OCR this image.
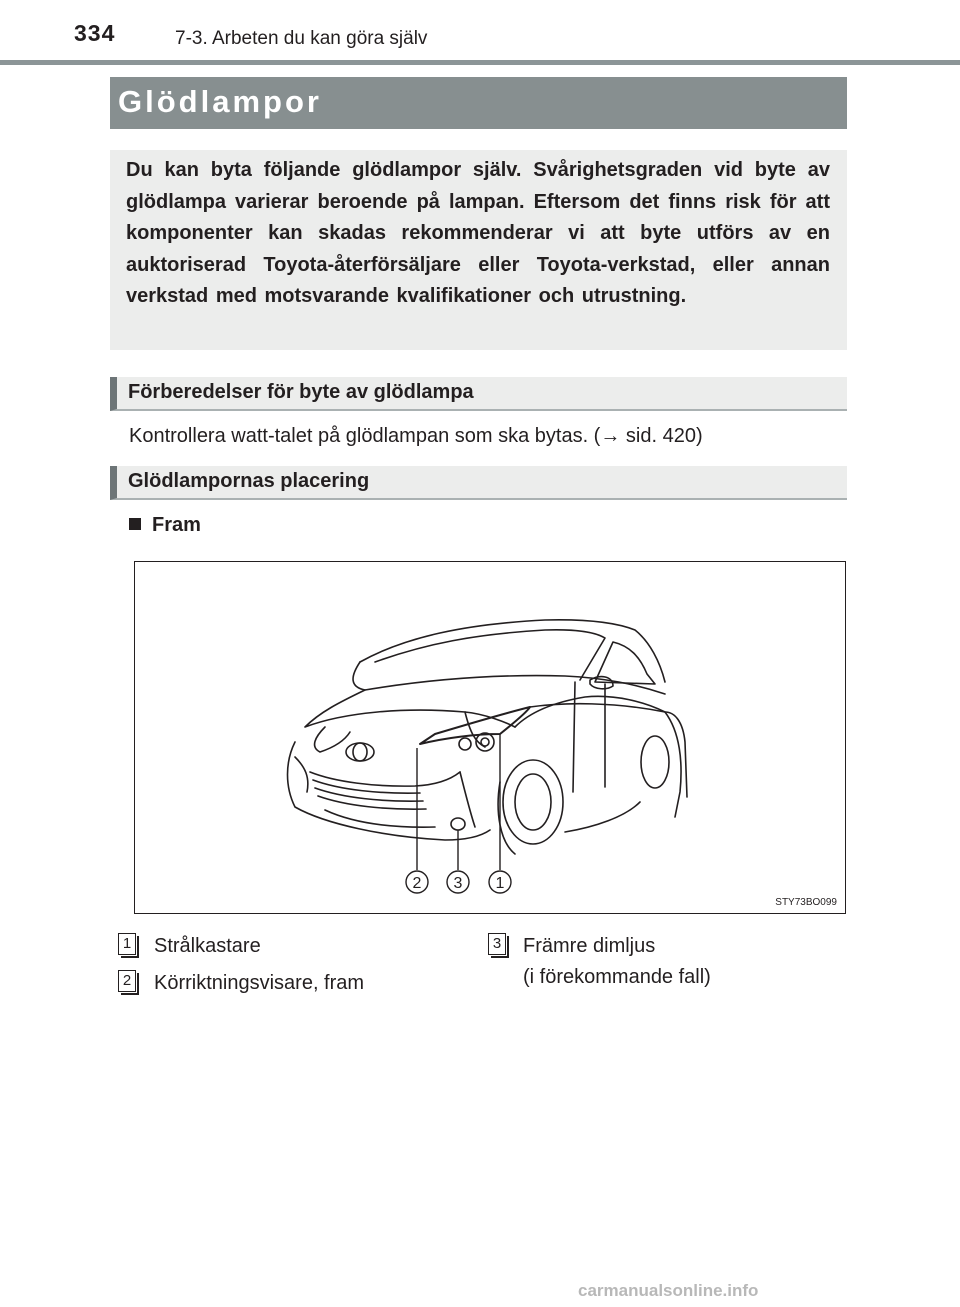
334	7-3. Arbeten du kan göra själv
Glödlampor

Du kan byta följande glödlampor själv. Svårighetsgraden vid byte av glödlampa varierar beroende på lampan. Eftersom det finns risk för att komponenter kan skadas rekommenderar vi att byte utförs av en auktoriserad Toyota-återförsäljare eller Toyota-verkstad, eller annan verkstad med motsvarande kvalifikationer och utrustning.

Förberedelser för byte av glödlampa
Kontrollera watt-talet på glödlampan som ska bytas. (→ sid. 420)
Glödlampornas placering
Fram
2 3 1
STY73BO099
1 Strålkastare
2 Körriktningsvisare, fram
3 Främre dimljus
(i förekommande fall)
carmanualsonline.info
